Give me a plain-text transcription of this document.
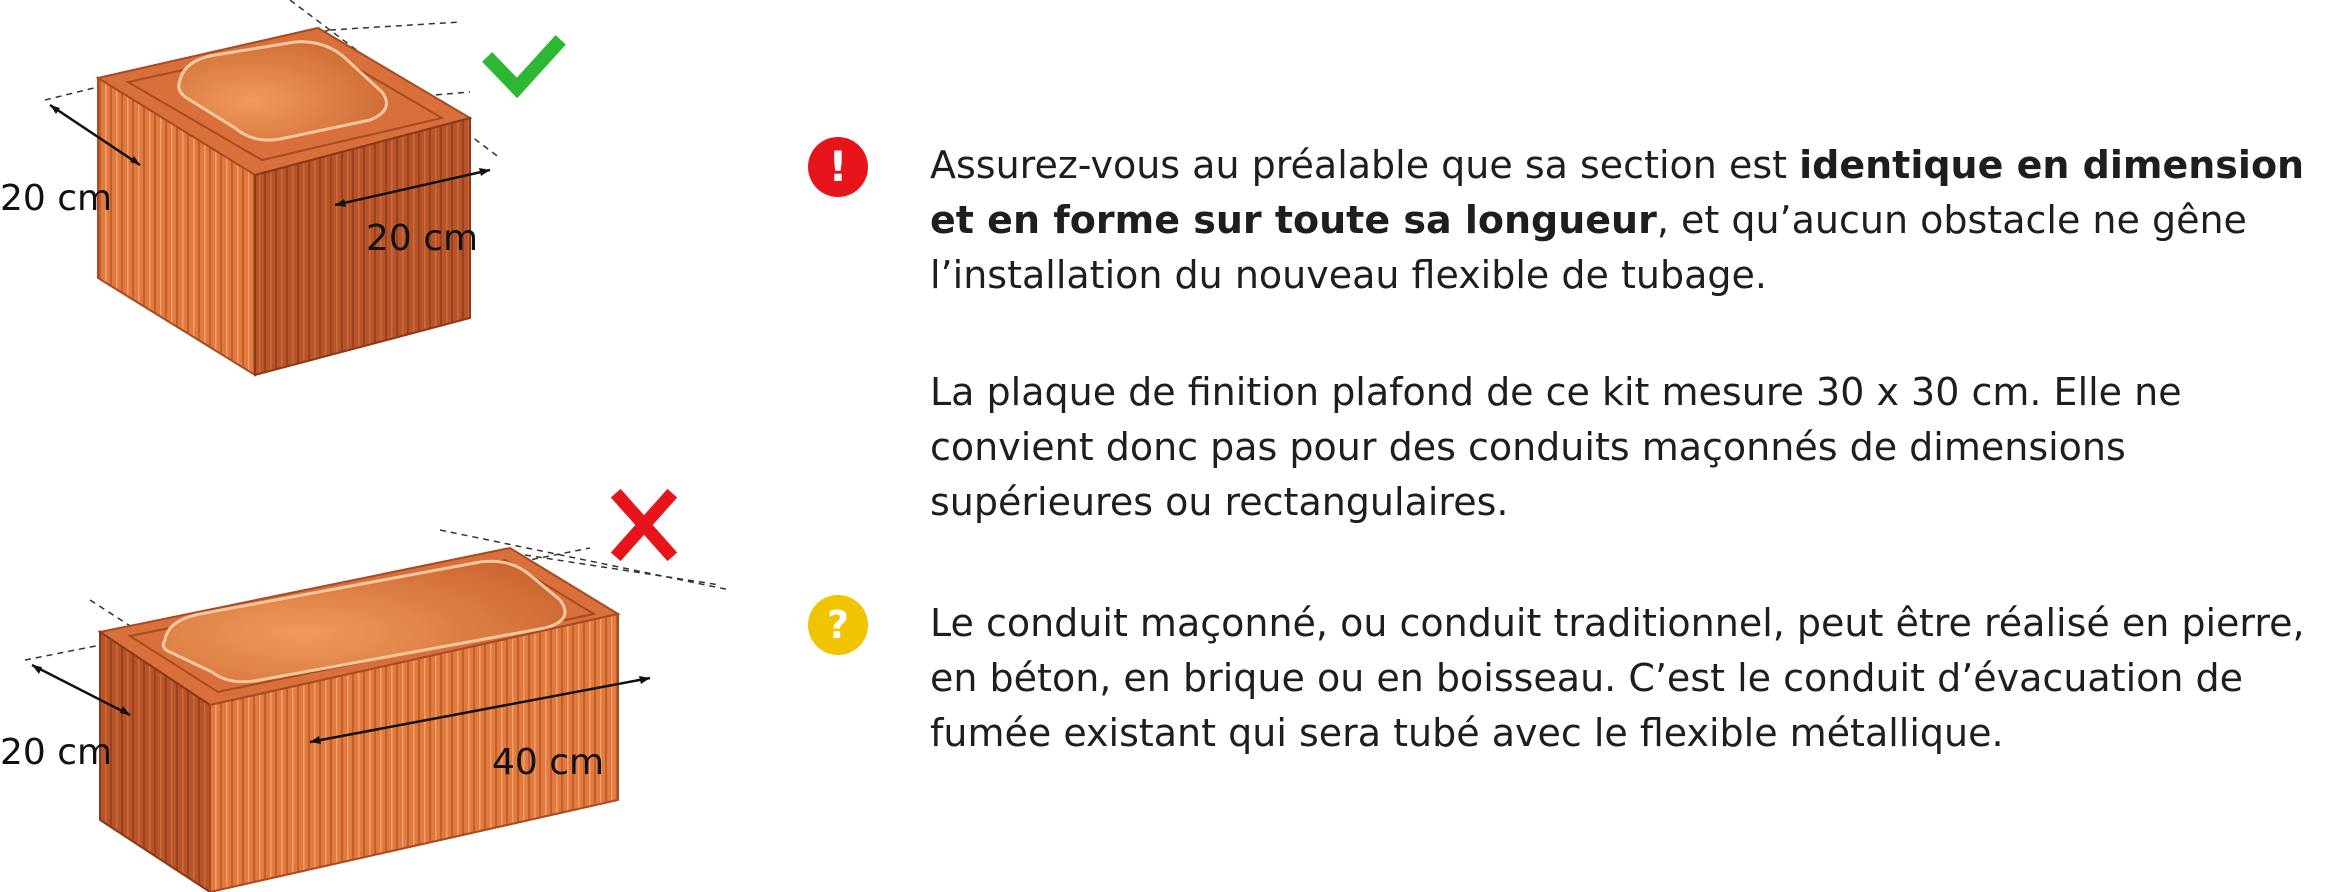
20 cm
20 cm
20 cm	40 cm
!
?
Assurez-vous au préalable que sa section est identique en dimension et en forme sur toute sa longueur, et qu’aucun obstacle ne gêne l’installation du nouveau flexible de tubage.
La plaque de finition plafond de ce kit mesure 30 x 30 cm. Elle ne convient donc pas pour des conduits maçonnés de dimensions supérieures ou rectangulaires.
Le conduit maçonné, ou conduit traditionnel, peut être réalisé en pierre, en béton, en brique ou en boisseau. C’est le conduit d’évacuation de fumée existant qui sera tubé avec le flexible métallique.
